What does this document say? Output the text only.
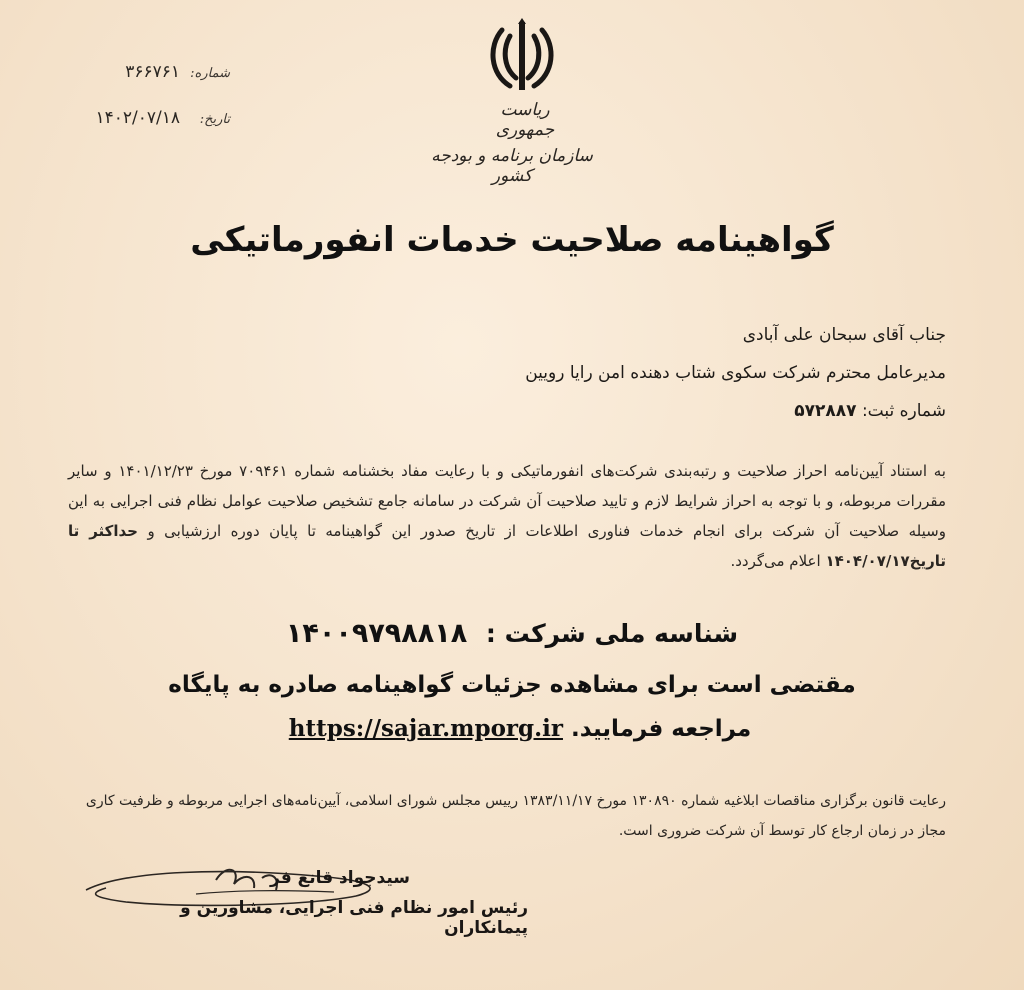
شماره:
۳۶۶۷۶۱
تاریخ:
۱۴۰۲/۰۷/۱۸	ریاست جمهوری
سازمان برنامه و بودجه کشور
گواهینامه صلاحیت خدمات انفورماتیکی
جناب آقای سبحان علی آبادی
مدیرعامل محترم شرکت سکوی شتاب دهنده امن رایا رویین
شماره ثبت: ۵۷۲۸۸۷
به استناد آیین‌نامه احراز صلاحیت و رتبه‌بندی شرکت‌های انفورماتیکی و با رعایت مفاد بخشنامه شماره ۷۰۹۴۶۱ مورخ ۱۴۰۱/۱۲/۲۳ و سایر مقررات مربوطه، و با توجه به احراز شرایط لازم و تایید صلاحیت آن شرکت در سامانه جامع تشخیص صلاحیت عوامل نظام فنی اجرایی به این وسیله صلاحیت آن شرکت برای انجام خدمات فناوری اطلاعات از تاریخ صدور این گواهینامه تا پایان دوره ارزشیابی و حداکثر تا تاریخ۱۴۰۴/۰۷/۱۷ اعلام می‌گردد.
شناسه ملی شرکت : ۱۴۰۰۹۷۹۸۸۱۸
مقتضی است برای مشاهده جزئیات گواهینامه صادره به پایگاه
مراجعه فرمایید. https://sajar.mporg.ir
رعایت قانون برگزاری مناقصات ابلاغیه شماره ۱۳۰۸۹۰ مورخ ۱۳۸۳/۱۱/۱۷ رییس مجلس شورای اسلامی، آیین‌نامه‌های اجرایی مربوطه و ظرفیت کاری مجاز در زمان ارجاع کار توسط آن شرکت ضروری است.
سیدجواد قانع فر
رئیس امور نظام فنی اجرایی، مشاورین و پیمانکاران
